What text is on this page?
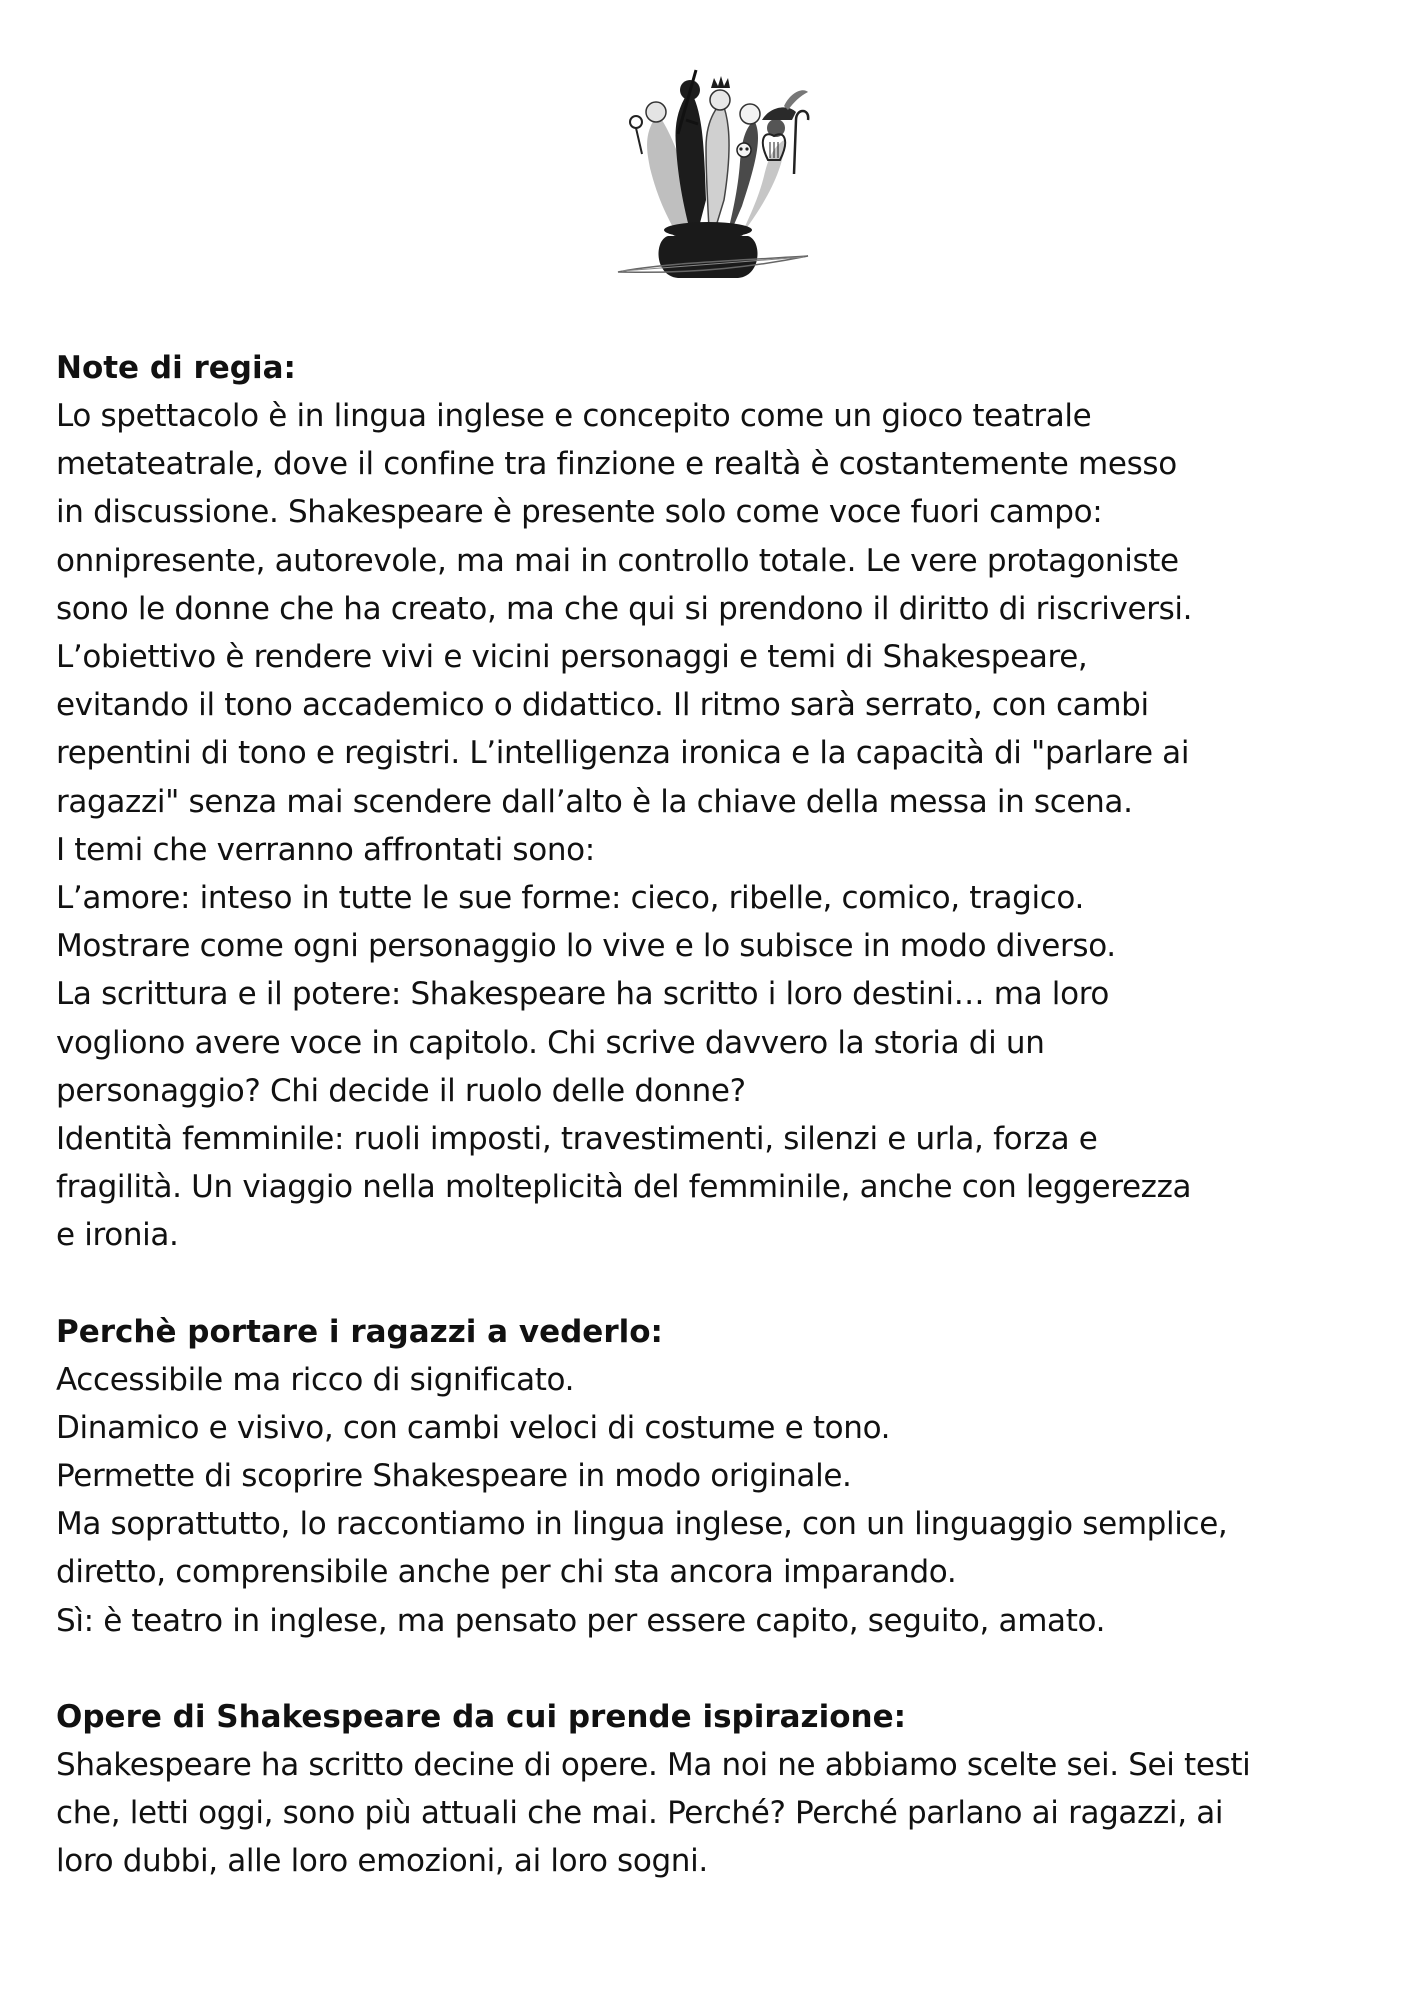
Note di regia:

Lo spettacolo è in lingua inglese e concepito come un gioco teatrale

metateatrale, dove il confine tra finzione e realtà è costantemente messo

in discussione. Shakespeare è presente solo come voce fuori campo:

onnipresente, autorevole, ma mai in controllo totale. Le vere protagoniste

sono le donne che ha creato, ma che qui si prendono il diritto di riscriversi.

L’obiettivo è rendere vivi e vicini personaggi e temi di Shakespeare,

evitando il tono accademico o didattico. Il ritmo sarà serrato, con cambi

repentini di tono e registri. L’intelligenza ironica e la capacità di "parlare ai

ragazzi" senza mai scendere dall’alto è la chiave della messa in scena.

I temi che verranno affrontati sono:

L’amore: inteso in tutte le sue forme: cieco, ribelle, comico, tragico.

Mostrare come ogni personaggio lo vive e lo subisce in modo diverso.

La scrittura e il potere: Shakespeare ha scritto i loro destini… ma loro

vogliono avere voce in capitolo. Chi scrive davvero la storia di un

personaggio? Chi decide il ruolo delle donne?

Identità femminile: ruoli imposti, travestimenti, silenzi e urla, forza e

fragilità. Un viaggio nella molteplicità del femminile, anche con leggerezza

e ironia.

Perchè portare i ragazzi a vederlo:

Accessibile ma ricco di significato.

Dinamico e visivo, con cambi veloci di costume e tono.

Permette di scoprire Shakespeare in modo originale.

Ma soprattutto, lo raccontiamo in lingua inglese, con un linguaggio semplice,

diretto, comprensibile anche per chi sta ancora imparando.

Sì: è teatro in inglese, ma pensato per essere capito, seguito, amato.

Opere di Shakespeare da cui prende ispirazione:

Shakespeare ha scritto decine di opere. Ma noi ne abbiamo scelte sei. Sei testi

che, letti oggi, sono più attuali che mai. Perché? Perché parlano ai ragazzi, ai

loro dubbi, alle loro emozioni, ai loro sogni.
